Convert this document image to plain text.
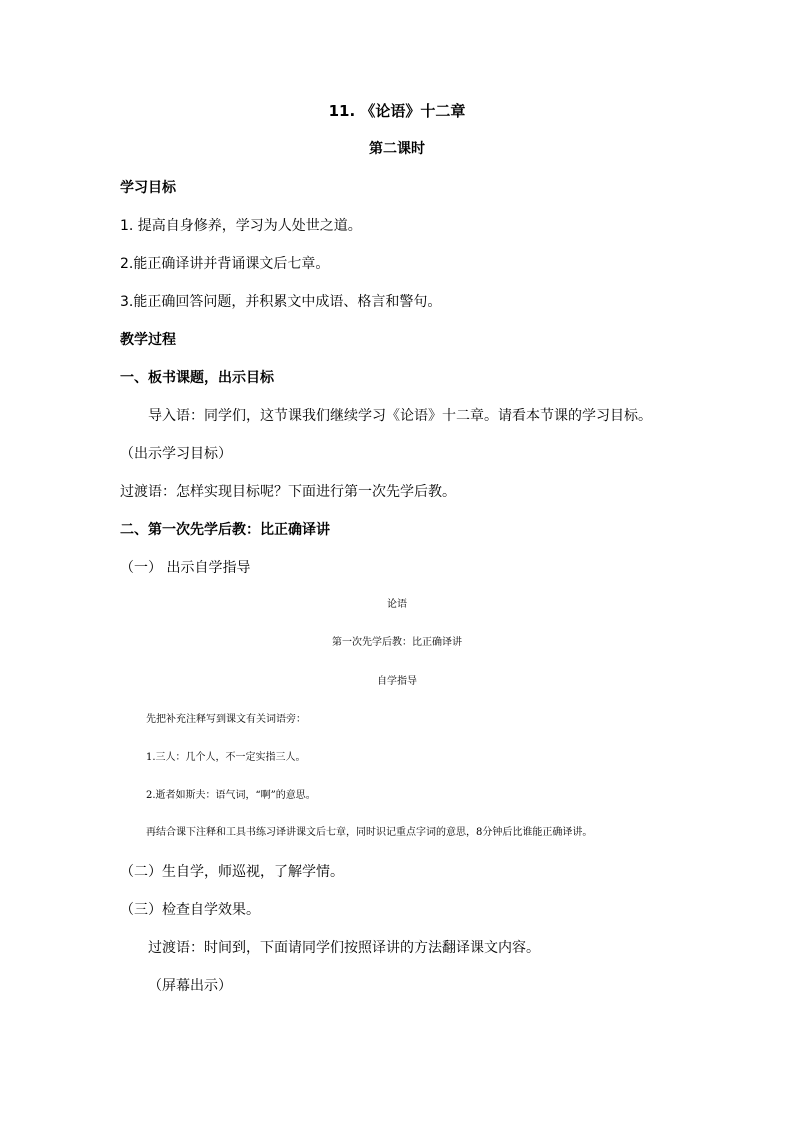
11. 《论语》十二章
第二课时
学习目标
1. 提高自身修养，学习为人处世之道。
2.能正确译讲并背诵课文后七章。
3.能正确回答问题，并积累文中成语、格言和警句。
教学过程
一、板书课题，出示目标
导入语：同学们，这节课我们继续学习《论语》十二章。请看本节课的学习目标。
（出示学习目标）
过渡语：怎样实现目标呢？下面进行第一次先学后教。
二、第一次先学后教：比正确译讲
（一） 出示自学指导
论语
第一次先学后教：比正确译讲
自学指导
先把补充注释写到课文有关词语旁：
1.三人：几个人，不一定实指三人。
2.逝者如斯夫：语气词，“啊”的意思。
再结合课下注释和工具书练习译讲课文后七章，同时识记重点字词的意思，8分钟后比谁能正确译讲。
（二）生自学，师巡视，了解学情。
（三）检查自学效果。
过渡语：时间到，下面请同学们按照译讲的方法翻译课文内容。
（屏幕出示）
